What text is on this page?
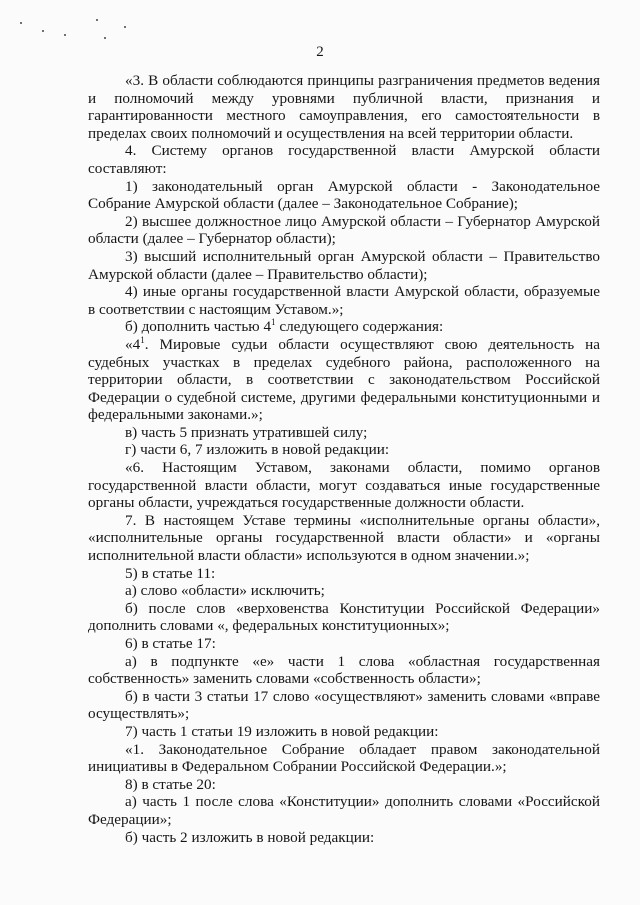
2
«3. В области соблюдаются принципы разграничения предметов ведения и полномочий между уровнями публичной власти, признания и гарантированности местного самоуправления, его самостоятельности в пределах своих полномочий и осуществления на всей территории области.
4. Систему органов государственной власти Амурской области составляют:
1) законодательный орган Амурской области - Законодательное Собрание Амурской области (далее – Законодательное Собрание);
2) высшее должностное лицо Амурской области – Губернатор Амурской области (далее – Губернатор области);
3) высший исполнительный орган Амурской области – Правительство Амурской области (далее – Правительство области);
4) иные органы государственной власти Амурской области, образуемые в соответствии с настоящим Уставом.»;
б) дополнить частью $4^1$ следующего содержания:
«$4^1$. Мировые судьи области осуществляют свою деятельность на судебных участках в пределах судебного района, расположенного на территории области, в соответствии с законодательством Российской Федерации о судебной системе, другими федеральными конституционными и федеральными законами.»;
в) часть 5 признать утратившей силу;
г) части 6, 7 изложить в новой редакции:
«6. Настоящим Уставом, законами области, помимо органов государственной власти области, могут создаваться иные государственные органы области, учреждаться государственные должности области.
7. В настоящем Уставе термины «исполнительные органы области», «исполнительные органы государственной власти области» и «органы исполнительной власти области» используются в одном значении.»;
5) в статье 11:
а) слово «области» исключить;
б) после слов «верховенства Конституции Российской Федерации» дополнить словами «, федеральных конституционных»;
6) в статье 17:
а) в подпункте «е» части 1 слова «областная государственная собственность» заменить словами «собственность области»;
б) в части 3 статьи 17 слово «осуществляют» заменить словами «вправе осуществлять»;
7) часть 1 статьи 19 изложить в новой редакции:
«1. Законодательное Собрание обладает правом законодательной инициативы в Федеральном Собрании Российской Федерации.»;
8) в статье 20:
а) часть 1 после слова «Конституции» дополнить словами «Российской Федерации»;
б) часть 2 изложить в новой редакции:
